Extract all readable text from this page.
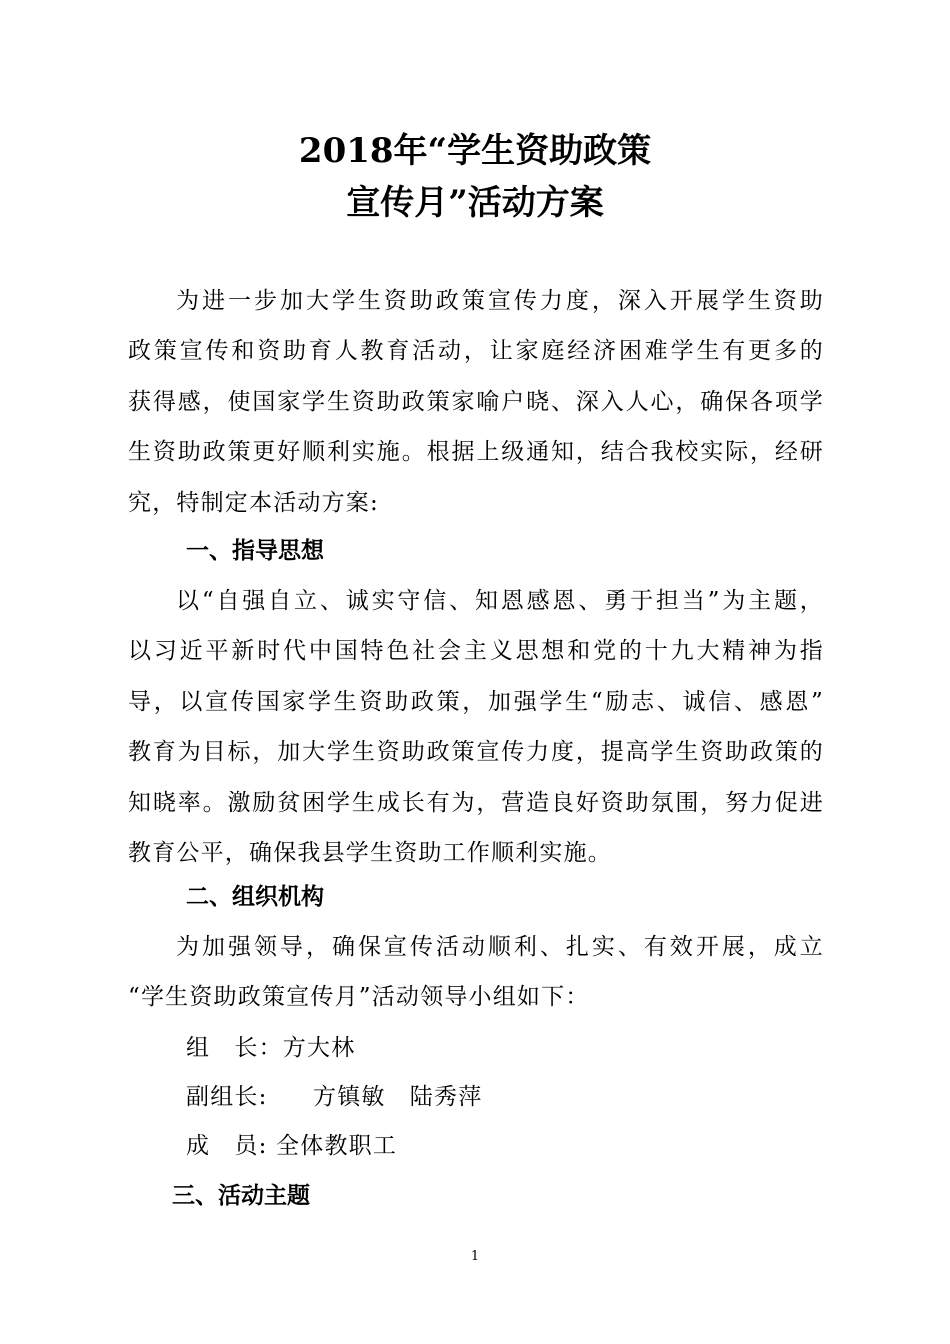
2018年“学生资助政策
宣传月”活动方案
为进一步加大学生资助政策宣传力度，深入开展学生资助
政策宣传和资助育人教育活动，让家庭经济困难学生有更多的
获得感，使国家学生资助政策家喻户晓、深入人心，确保各项学
生资助政策更好顺利实施。根据上级通知，结合我校实际，经研
究，特制定本活动方案:
一、指导思想
以“自强自立、诚实守信、知恩感恩、勇于担当”为主题，
以习近平新时代中国特色社会主义思想和党的十九大精神为指
导，以宣传国家学生资助政策，加强学生“励志、诚信、感恩”
教育为目标，加大学生资助政策宣传力度，提高学生资助政策的
知晓率。激励贫困学生成长有为，营造良好资助氛围，努力促进
教育公平，确保我县学生资助工作顺利实施。
二、组织机构
为加强领导，确保宣传活动顺利、扎实、有效开展，成立
“学生资助政策宣传月”活动领导小组如下：
组　长：方大林
副组长: 方镇敏　陆秀萍
成　员: 全体教职工
三、活动主题
1
